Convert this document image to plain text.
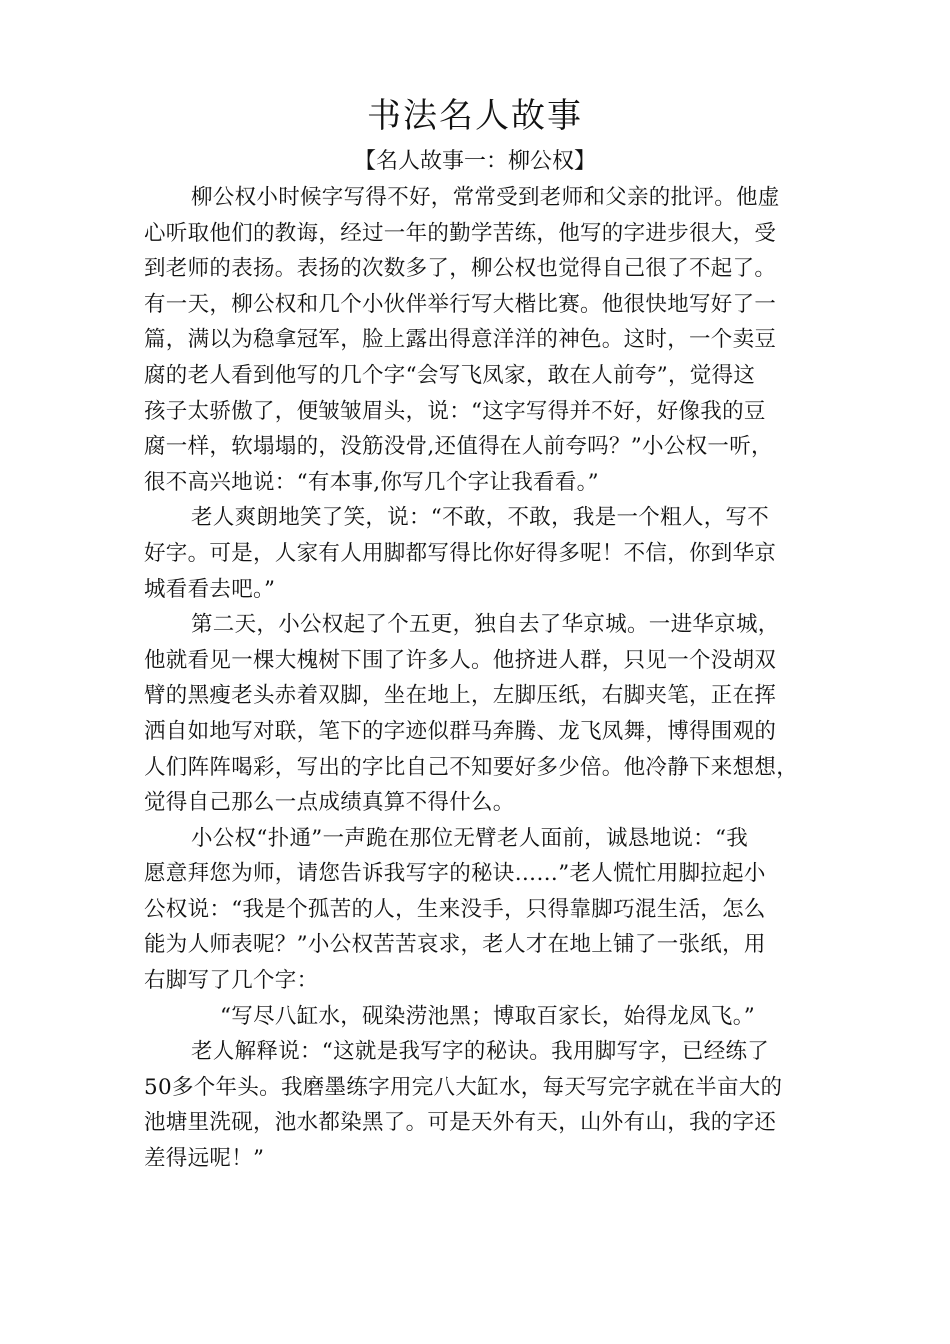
书法名人故事
【名人故事一：柳公权】
柳公权小时候字写得不好，常常受到老师和父亲的批评。他虚
心听取他们的教诲，经过一年的勤学苦练，他写的字进步很大，受
到老师的表扬。表扬的次数多了，柳公权也觉得自己很了不起了。
有一天，柳公权和几个小伙伴举行写大楷比赛。他很快地写好了一
篇，满以为稳拿冠军，脸上露出得意洋洋的神色。这时，一个卖豆
腐的老人看到他写的几个字“会写飞凤家，敢在人前夸”，觉得这
孩子太骄傲了，便皱皱眉头，说：“这字写得并不好，好像我的豆
腐一样，软塌塌的，没筋没骨,还值得在人前夸吗？”小公权一听，
很不高兴地说：“有本事,你写几个字让我看看。”
老人爽朗地笑了笑，说：“不敢，不敢，我是一个粗人，写不
好字。可是，人家有人用脚都写得比你好得多呢！不信，你到华京
城看看去吧。”
第二天，小公权起了个五更，独自去了华京城。一进华京城，
他就看见一棵大槐树下围了许多人。他挤进人群，只见一个没胡双
臂的黑瘦老头赤着双脚，坐在地上，左脚压纸，右脚夹笔，正在挥
洒自如地写对联，笔下的字迹似群马奔腾、龙飞凤舞，博得围观的
人们阵阵喝彩，写出的字比自己不知要好多少倍。他冷静下来想想，
觉得自己那么一点成绩真算不得什么。
小公权“扑通”一声跪在那位无臂老人面前，诚恳地说：“我
愿意拜您为师，请您告诉我写字的秘诀……”老人慌忙用脚拉起小
公权说：“我是个孤苦的人，生来没手，只得靠脚巧混生活，怎么
能为人师表呢？”小公权苦苦哀求，老人才在地上铺了一张纸，用
右脚写了几个字：
“写尽八缸水，砚染涝池黑；博取百家长，始得龙凤飞。”
老人解释说：“这就是我写字的秘诀。我用脚写字，已经练了
50多个年头。我磨墨练字用完八大缸水，每天写完字就在半亩大的
池塘里洗砚，池水都染黑了。可是天外有天，山外有山，我的字还
差得远呢！”
